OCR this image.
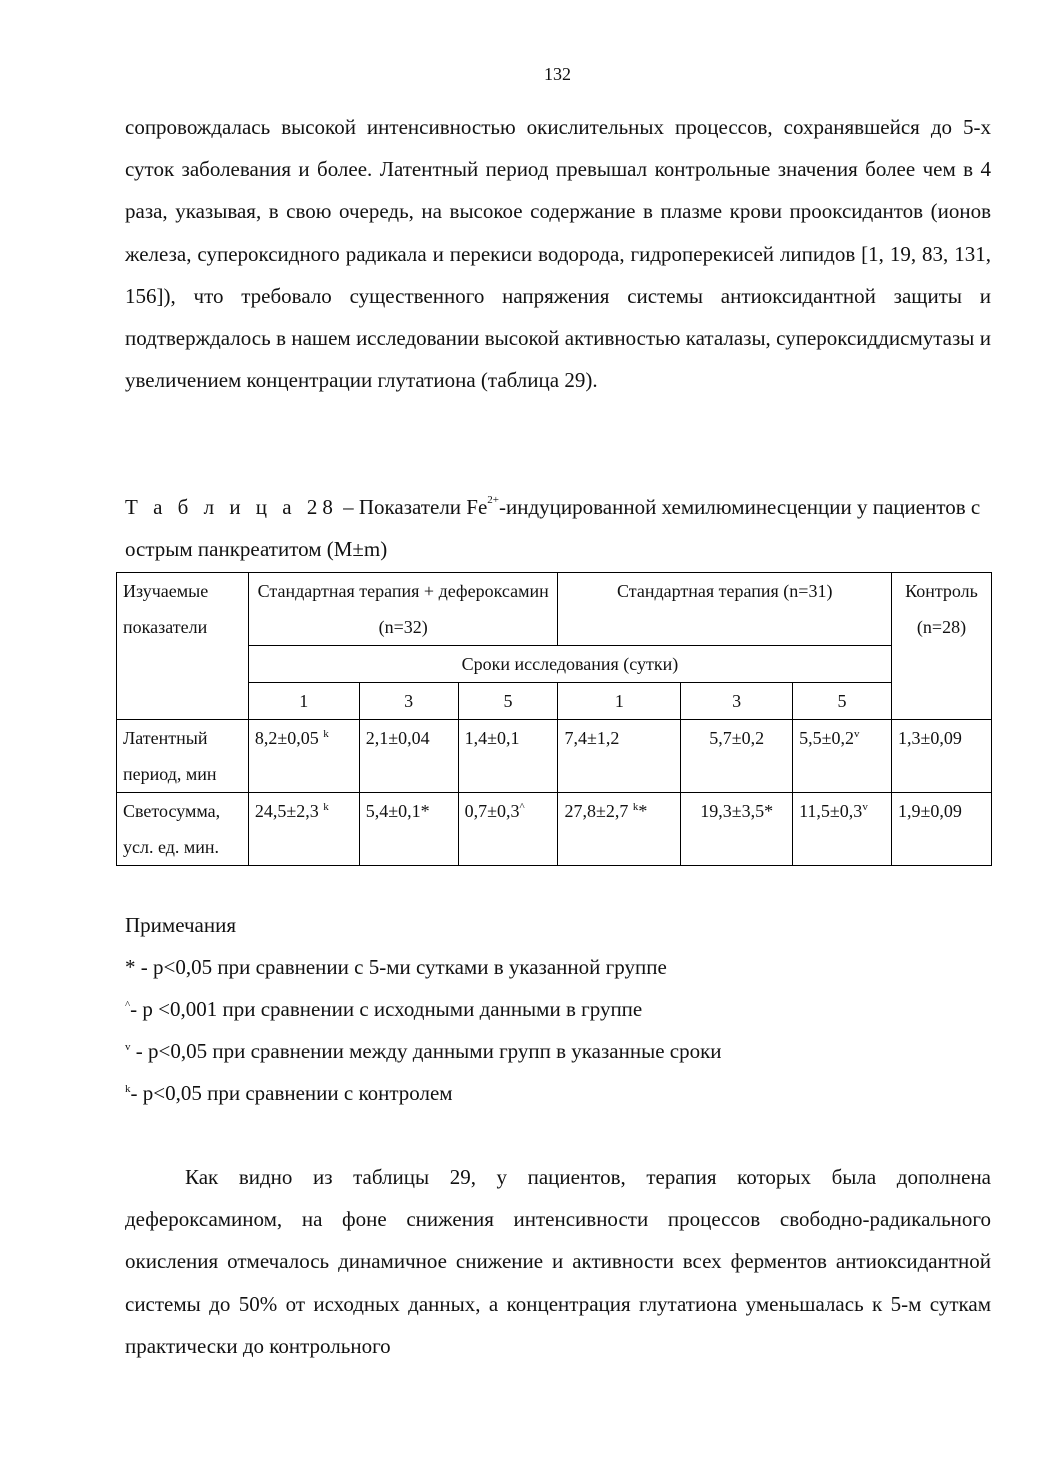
132

сопровождалась высокой интенсивностью окислительных процессов, сохранявшейся до 5-х суток заболевания и более. Латентный период превышал контрольные значения более чем в 4 раза, указывая, в свою очередь, на высокое содержание в плазме крови прооксидантов (ионов железа, супероксидного радикала и перекиси водорода, гидроперекисей липидов [1, 19, 83, 131, 156]), что требовало существенного напряжения системы антиоксидантной защиты и подтверждалось в нашем исследовании высокой активностью каталазы, супероксиддисмутазы и увеличением концентрации глутатиона (таблица 29).

Т а б л и ц а 28 – Показатели $Fe^{2+}$-индуцированной хемилюминесценции у пациентов с острым панкреатитом (M±m)

Изучаемые показатели	Стандартная терапия + дефероксамин (n=32)			Стандартная терапия (n=31)			Контроль (n=28)
	Сроки исследования (сутки)						
	1	3	5	1	3	5	
Латентный период, мин	8,2±0,05 $^k$	2,1±0,04	1,4±0,1	7,4±1,2	5,7±0,2	$5,5\pm 0,2^v$	1,3±0,09
Светосумма, усл. ед. мин.	24,5±2,3 $^k$	5,4±0,1*	0,7±0,3^	27,8±2,7 $^k$*	19,3±3,5*	$11,5\pm 0,3^v$	1,9±0,09
Примечания
* - p<0,05 при сравнении с 5-ми сутками в указанной группе
^- p <0,001 при сравнении с исходными данными в группе
$^v$ - p<0,05 при сравнении между данными групп в указанные сроки
$^k$- p<0,05 при сравнении с контролем

Как видно из таблицы 29, у пациентов, терапия которых была дополнена дефероксамином, на фоне снижения интенсивности процессов свободно-радикального окисления отмечалось динамичное снижение и активности всех ферментов антиоксидантной системы до 50% от исходных данных, а концентрация глутатиона уменьшалась к 5-м суткам практически до контрольного
